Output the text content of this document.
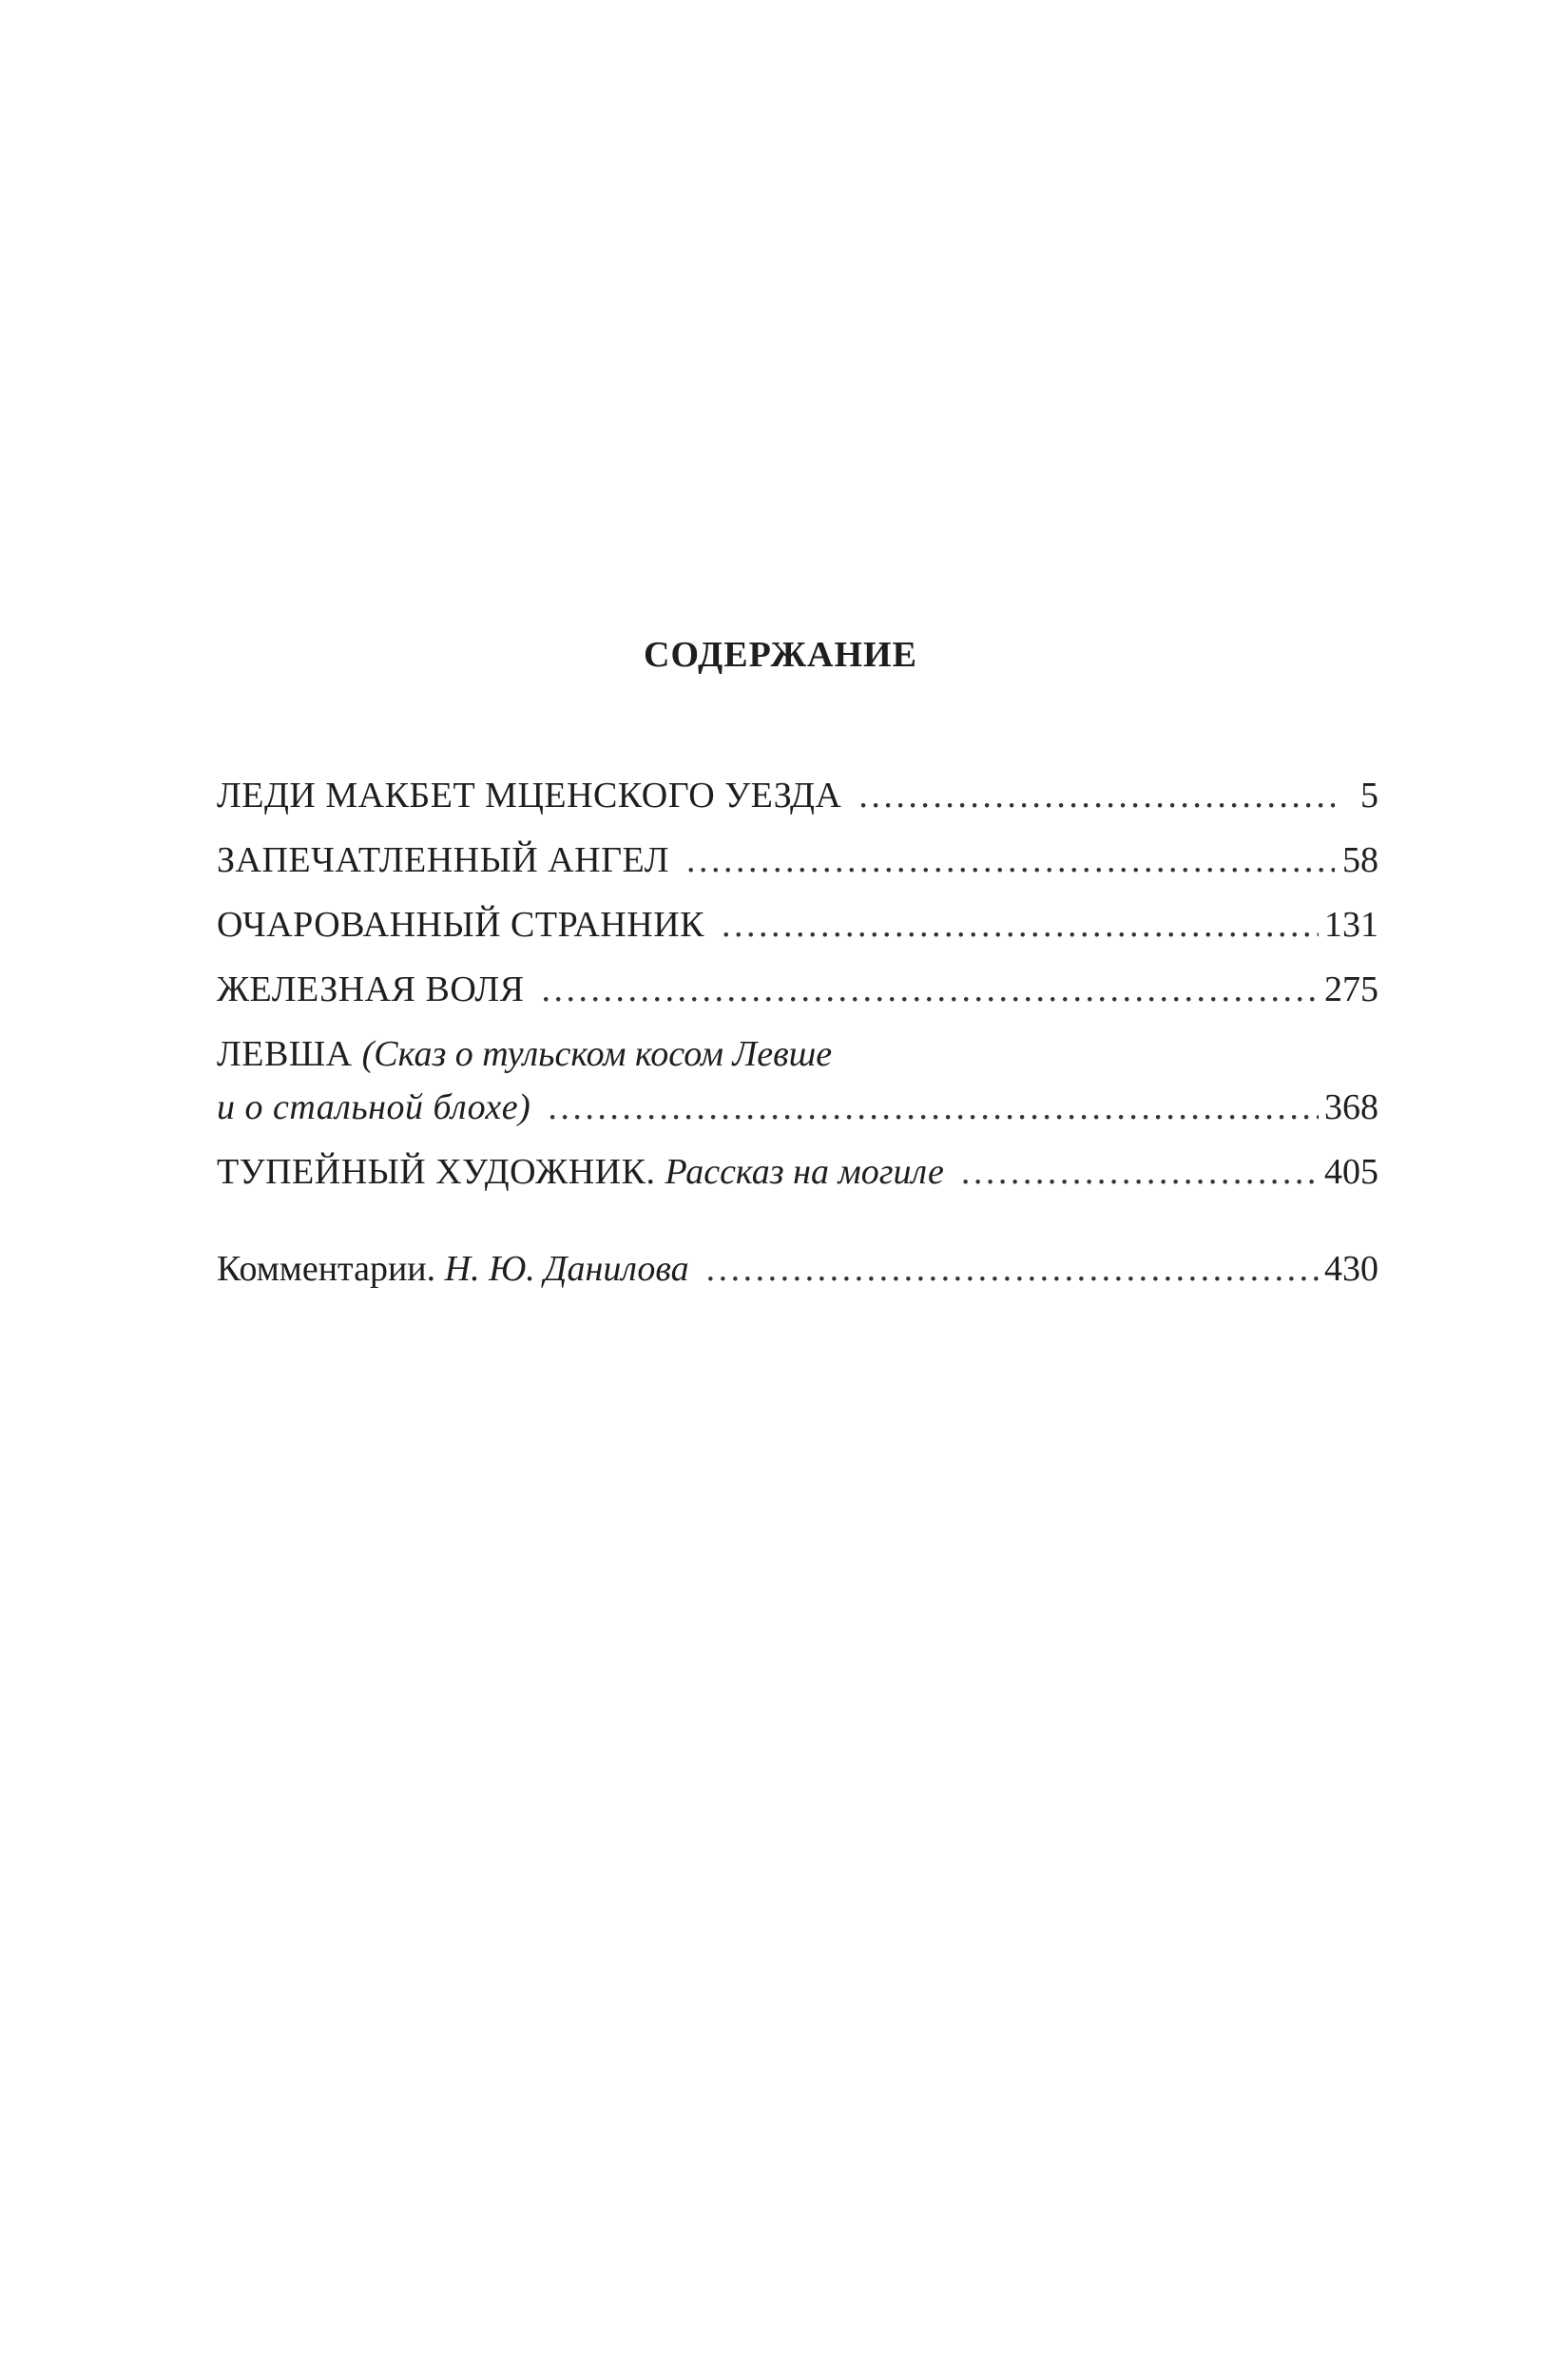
СОДЕРЖАНИЕ
ЛЕДИ МАКБЕТ МЦЕНСКОГО УЕЗДА . . .	5
ЗАПЕЧАТЛЕННЫЙ АНГЕЛ . . .	58
ОЧАРОВАННЫЙ СТРАННИК . . .	131
ЖЕЛЕЗНАЯ ВОЛЯ . . .	275
ЛЕВША (Сказ о тульском косом Левше
и о стальной блохе) . . .	368
ТУПЕЙНЫЙ ХУДОЖНИК. Рассказ на могиле . . .	405
Комментарии. Н. Ю. Данилова . . .	430
